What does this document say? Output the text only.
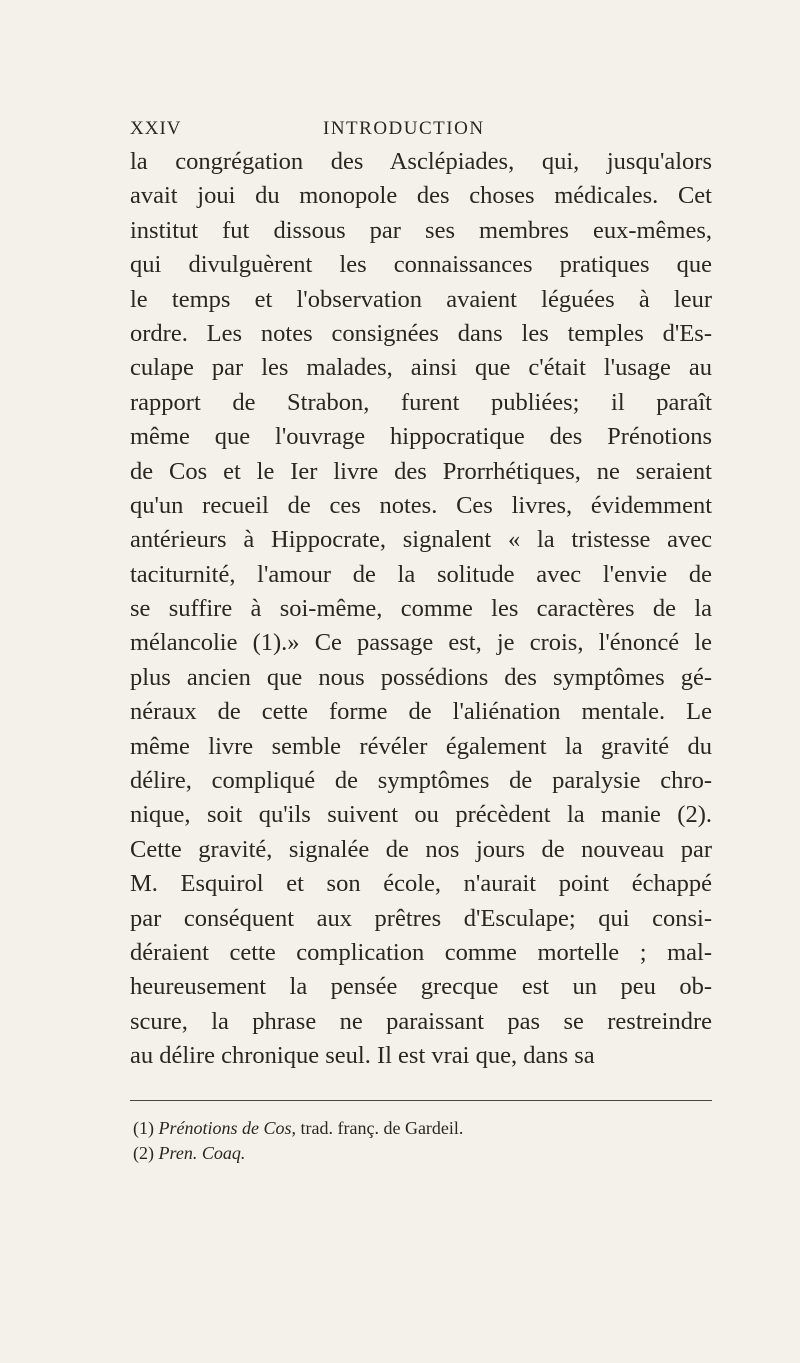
XXIV	INTRODUCTION
la congrégation des Asclépiades, qui, jusqu'alors
avait joui du monopole des choses médicales. Cet
institut fut dissous par ses membres eux-mêmes,
qui divulguèrent les connaissances pratiques que
le temps et l'observation avaient léguées à leur
ordre. Les notes consignées dans les temples d'Es-
culape par les malades, ainsi que c'était l'usage au
rapport de Strabon, furent publiées; il paraît
même que l'ouvrage hippocratique des Prénotions
de Cos et le Ier livre des Prorrhétiques, ne seraient
qu'un recueil de ces notes. Ces livres, évidemment
antérieurs à Hippocrate, signalent « la tristesse avec
taciturnité, l'amour de la solitude avec l'envie de
se suffire à soi-même, comme les caractères de la
mélancolie (1).» Ce passage est, je crois, l'énoncé le
plus ancien que nous possédions des symptômes gé-
néraux de cette forme de l'aliénation mentale. Le
même livre semble révéler également la gravité du
délire, compliqué de symptômes de paralysie chro-
nique, soit qu'ils suivent ou précèdent la manie (2).
Cette gravité, signalée de nos jours de nouveau par
M. Esquirol et son école, n'aurait point échappé
par conséquent aux prêtres d'Esculape; qui consi-
déraient cette complication comme mortelle ; mal-
heureusement la pensée grecque est un peu ob-
scure, la phrase ne paraissant pas se restreindre
au délire chronique seul. Il est vrai que, dans sa
(1) Prénotions de Cos, trad. franç. de Gardeil.
(2) Pren. Coaq.
